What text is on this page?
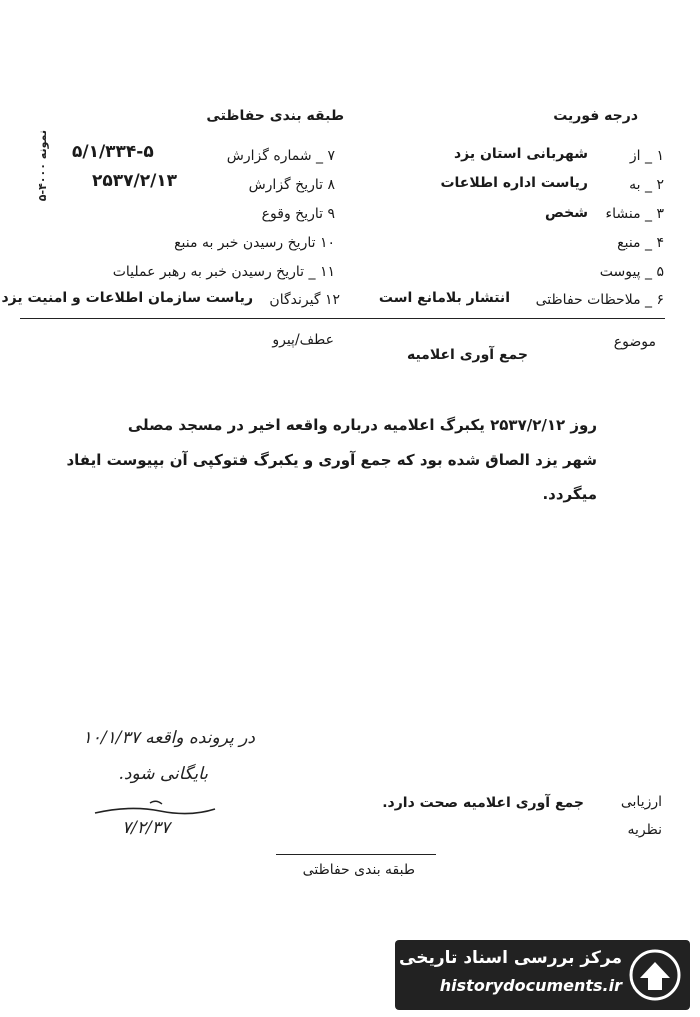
نمونه ۴۰۰۰-۵
درجه فوریت
طبقه بندی حفاظتی
۱ _ از
شهربانی استان یزد
۲ _ به
ریاست اداره اطلاعات
۳ _ منشاء
شخص
۴ _ منبع
۵ _ پیوست
۶ _ ملاحظات حفاظتی
انتشار بلامانع است
۷ _ شماره گزارش
۵/۱/۳۳۴-۵
۸ تاریخ گزارش
۲۵۳۷/۲/۱۳
۹ تاریخ وقوع
۱۰ تاریخ رسیدن خبر به منبع
۱۱ _ تاریخ رسیدن خبر به رهبر عملیات
۱۲ گیرندگان
ریاست سازمان اطلاعات و امنیت یزد
موضوع
عطف/پیرو
جمع آوری اعلامیه
روز ۲۵۳۷/۲/۱۲ یکبرگ اعلامیه درباره واقعه اخیر در مسجد مصلی
شهر یزد الصاق شده بود که جمع آوری و یکبرگ فتوکپی آن بپیوست ایفاد
میگردد.
در پرونده واقعه ۱۰/۱/۳۷
بایگانی شود.
۷/۲/۳۷
ارزیابی
جمع آوری اعلامیه صحت دارد.
نظریه
طبقه بندی حفاظتی
مرکز بررسی اسناد تاریخی
historydocuments.ir
